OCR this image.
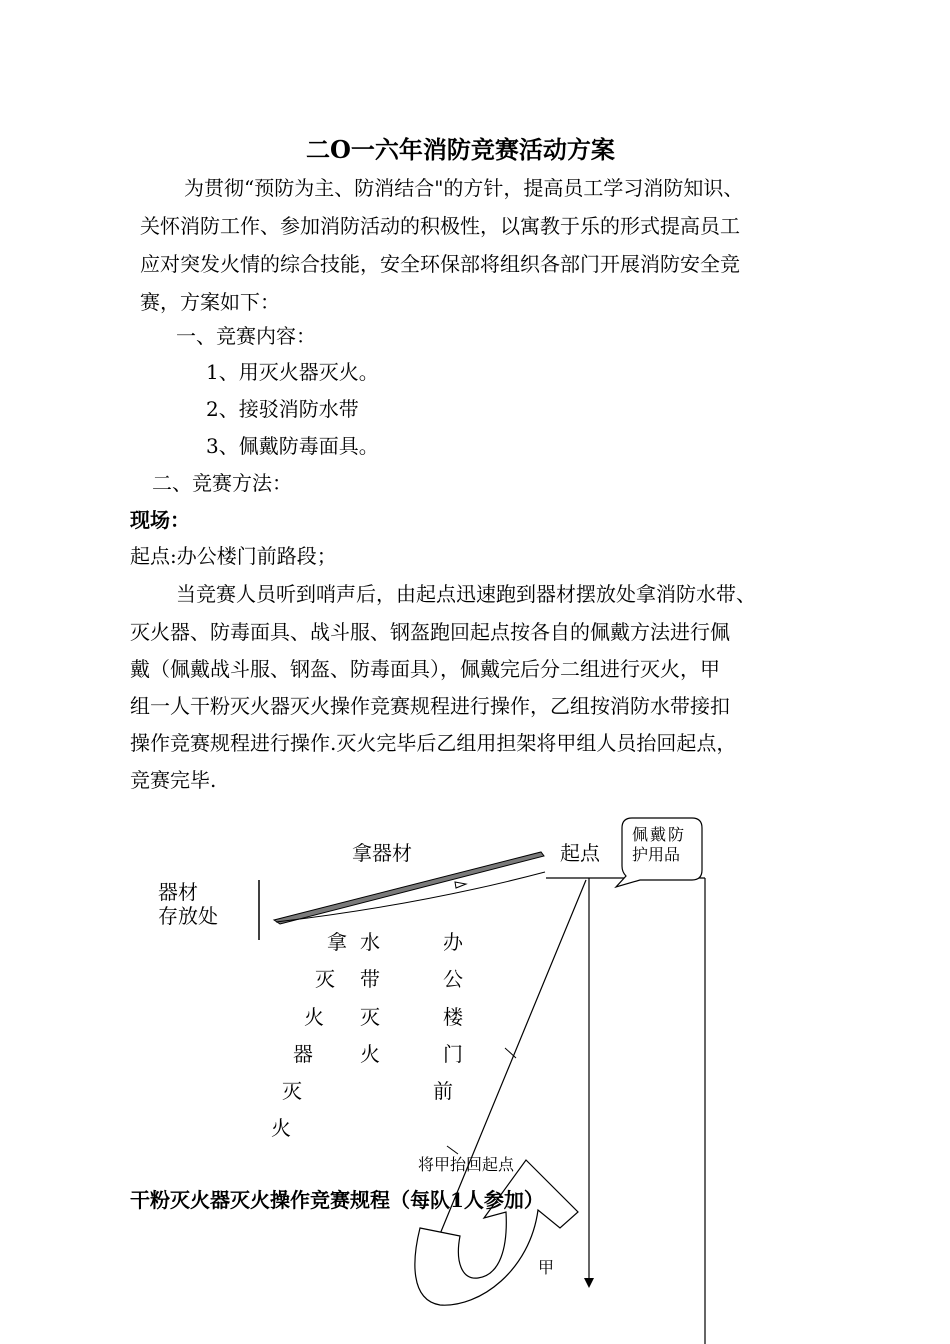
二O一六年消防竞赛活动方案
为贯彻“预防为主、防消结合"的方针，提高员工学习消防知识、
关怀消防工作、参加消防活动的积极性，以寓教于乐的形式提高员工
应对突发火情的综合技能，安全环保部将组织各部门开展消防安全竞
赛，方案如下：
一、竞赛内容：
1、用灭火器灭火。
2、接驳消防水带
3、佩戴防毒面具。
二、竞赛方法：
现场：
起点:办公楼门前路段；
当竞赛人员听到哨声后，由起点迅速跑到器材摆放处拿消防水带、
灭火器、防毒面具、战斗服、钢盔跑回起点按各自的佩戴方法进行佩
戴（佩戴战斗服、钢盔、防毒面具），佩戴完后分二组进行灭火，甲
组一人干粉灭火器灭火操作竞赛规程进行操作，乙组按消防水带接扣
操作竞赛规程进行操作.灭火完毕后乙组用担架将甲组人员抬回起点，
竞赛完毕.
拿器材	起点
佩戴防
护用品
器材
存放处
拿
灭
火
器
灭
火
水
带
灭
火
办
公
楼
门
前
将甲抬回起点
干粉灭火器灭火操作竞赛规程（每队1人参加）
甲
